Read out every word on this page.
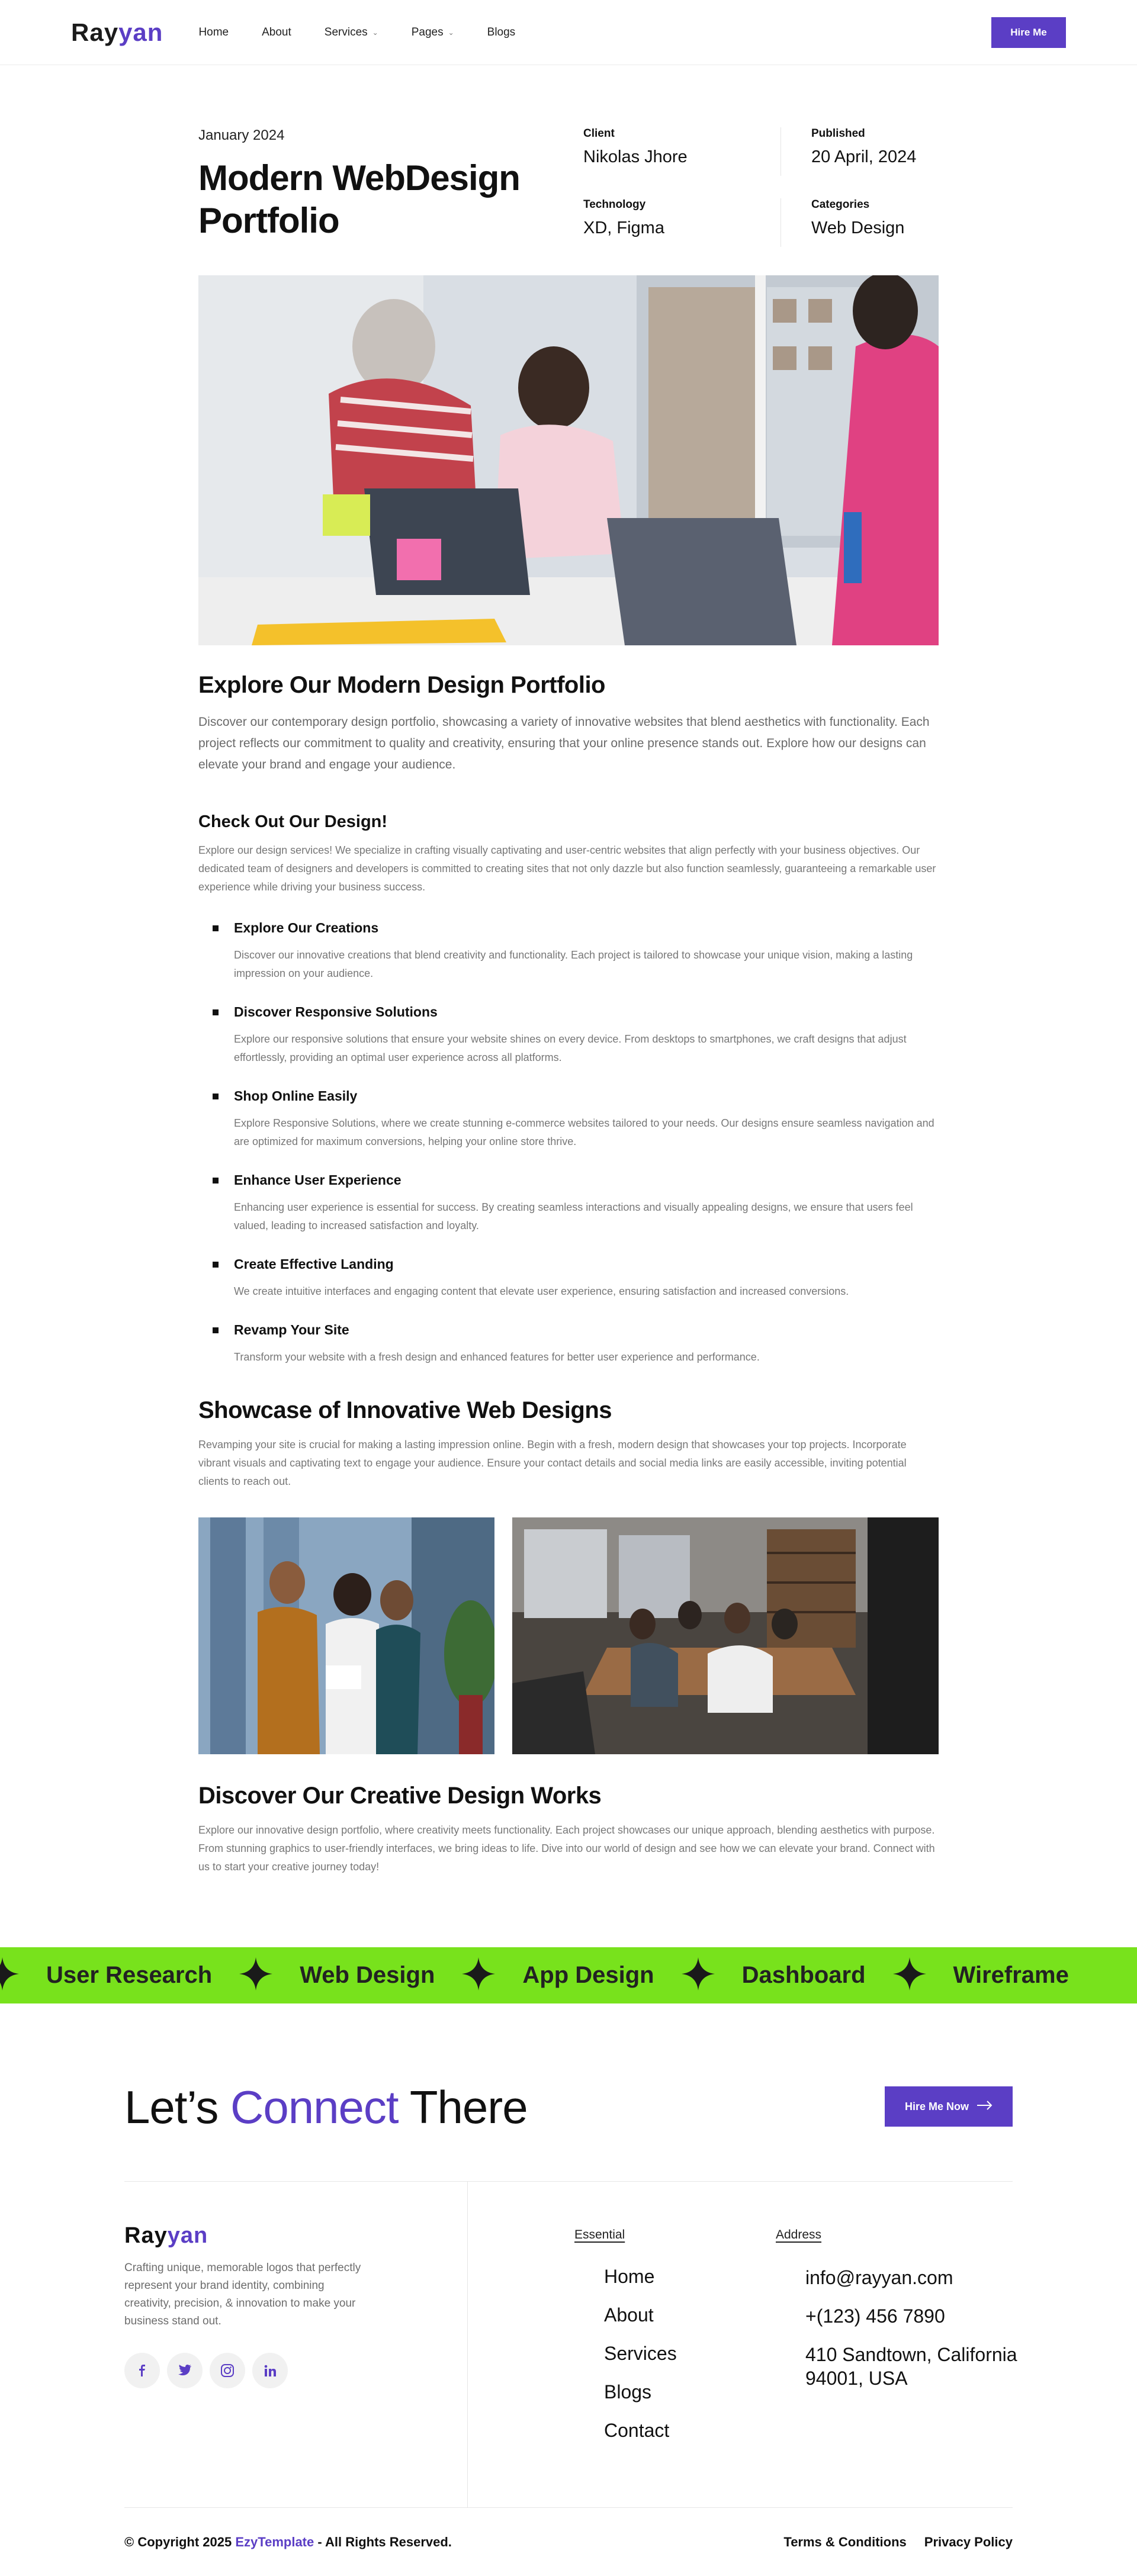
Rayyan	Home	About	Services ⌄	Pages ⌄	Blogs	Hire Me
January 2024
Modern WebDesign Portfolio
Client
Nikolas Jhore
Published
20 April, 2024
Technology
XD, Figma
Categories
Web Design
Explore Our Modern Design Portfolio

Discover our contemporary design portfolio, showcasing a variety of innovative websites that blend aesthetics with functionality. Each project reflects our commitment to quality and creativity, ensuring that your online presence stands out. Explore how our designs can elevate your brand and engage your audience.

Check Out Our Design!

Explore our design services! We specialize in crafting visually captivating and user-centric websites that align perfectly with your business objectives. Our dedicated team of designers and developers is committed to creating sites that not only dazzle but also function seamlessly, guaranteeing a remarkable user experience while driving your business success.

Explore Our Creations
Discover our innovative creations that blend creativity and functionality. Each project is tailored to showcase your unique vision, making a lasting impression on your audience.
Discover Responsive Solutions
Explore our responsive solutions that ensure your website shines on every device. From desktops to smartphones, we craft designs that adjust effortlessly, providing an optimal user experience across all platforms.
Shop Online Easily
Explore Responsive Solutions, where we create stunning e-commerce websites tailored to your needs. Our designs ensure seamless navigation and are optimized for maximum conversions, helping your online store thrive.
Enhance User Experience
Enhancing user experience is essential for success. By creating seamless interactions and visually appealing designs, we ensure that users feel valued, leading to increased satisfaction and loyalty.
Create Effective Landing
We create intuitive interfaces and engaging content that elevate user experience, ensuring satisfaction and increased conversions.
Revamp Your Site
Transform your website with a fresh design and enhanced features for better user experience and performance.
Showcase of Innovative Web Designs

Revamping your site is crucial for making a lasting impression online. Begin with a fresh, modern design that showcases your top projects. Incorporate vibrant visuals and captivating text to engage your audience. Ensure your contact details and social media links are easily accessible, inviting potential clients to reach out.

Discover Our Creative Design Works

Explore our innovative design portfolio, where creativity meets functionality. Each project showcases our unique approach, blending aesthetics with purpose. From stunning graphics to user-friendly interfaces, we bring ideas to life. Dive into our world of design and see how we can elevate your brand. Connect with us to start your creative journey today!

User Research	Web Design	App Design	Dashboard	Wireframe
Let’s Connect There	Hire Me Now
Rayyan

Crafting unique, memorable logos that perfectly represent your brand identity, combining creativity, precision, & innovation to make your business stand out.

Essential
Home
About
Services
Blogs
Contact
Address
info@rayyan.com
+(123) 456 7890
410 Sandtown, California 94001, USA
© Copyright 2025 EzyTemplate - All Rights Reserved.	Terms & Conditions Privacy Policy
